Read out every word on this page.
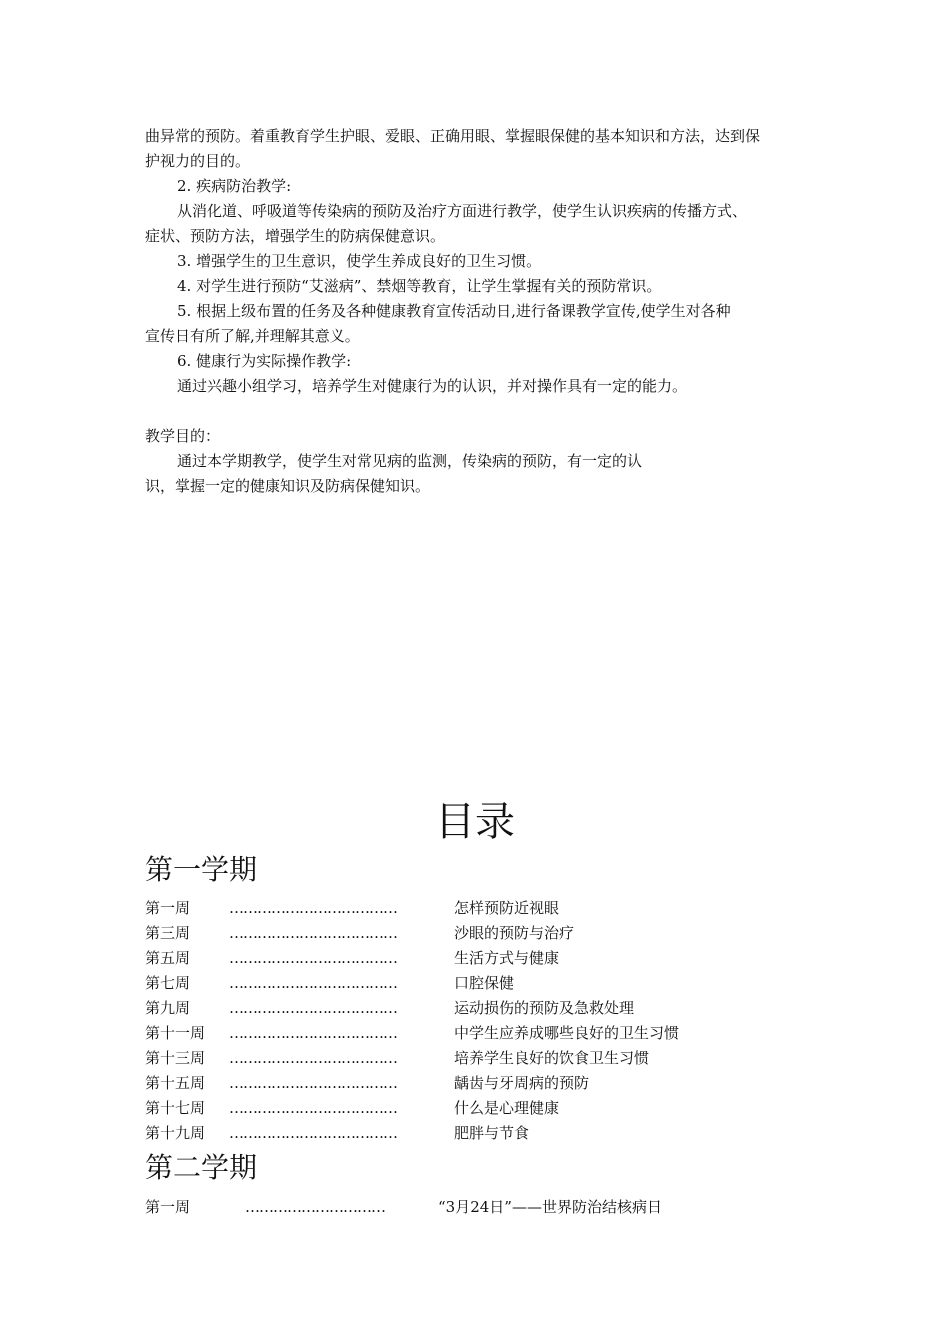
曲异常的预防。着重教育学生护眼、爱眼、正确用眼、掌握眼保健的基本知识和方法，达到保
护视力的目的。
2. 疾病防治教学:
从消化道、呼吸道等传染病的预防及治疗方面进行教学，使学生认识疾病的传播方式、
症状、预防方法，增强学生的防病保健意识。
3. 增强学生的卫生意识，使学生养成良好的卫生习惯。
4. 对学生进行预防“艾滋病”、禁烟等教育，让学生掌握有关的预防常识。
5. 根据上级布置的任务及各种健康教育宣传活动日,进行备课教学宣传,使学生对各种
宣传日有所了解,并理解其意义。
6. 健康行为实际操作教学:
通过兴趣小组学习，培养学生对健康行为的认识，并对操作具有一定的能力。
教学目的：
通过本学期教学，使学生对常见病的监测，传染病的预防，有一定的认
识，掌握一定的健康知识及防病保健知识。
目录
第一学期
第一周	………………………………	怎样预防近视眼
第三周	………………………………	沙眼的预防与治疗
第五周	………………………………	生活方式与健康
第七周	………………………………	口腔保健
第九周	………………………………	运动损伤的预防及急救处理
第十一周 ………………………………	中学生应养成哪些良好的卫生习惯
第十三周 ………………………………	培养学生良好的饮食卫生习惯
第十五周 ………………………………	龋齿与牙周病的预防
第十七周 ………………………………	什么是心理健康
第十九周 ………………………………	肥胖与节食
第二学期
第一周	…………………………	“3月24日”——世界防治结核病日
